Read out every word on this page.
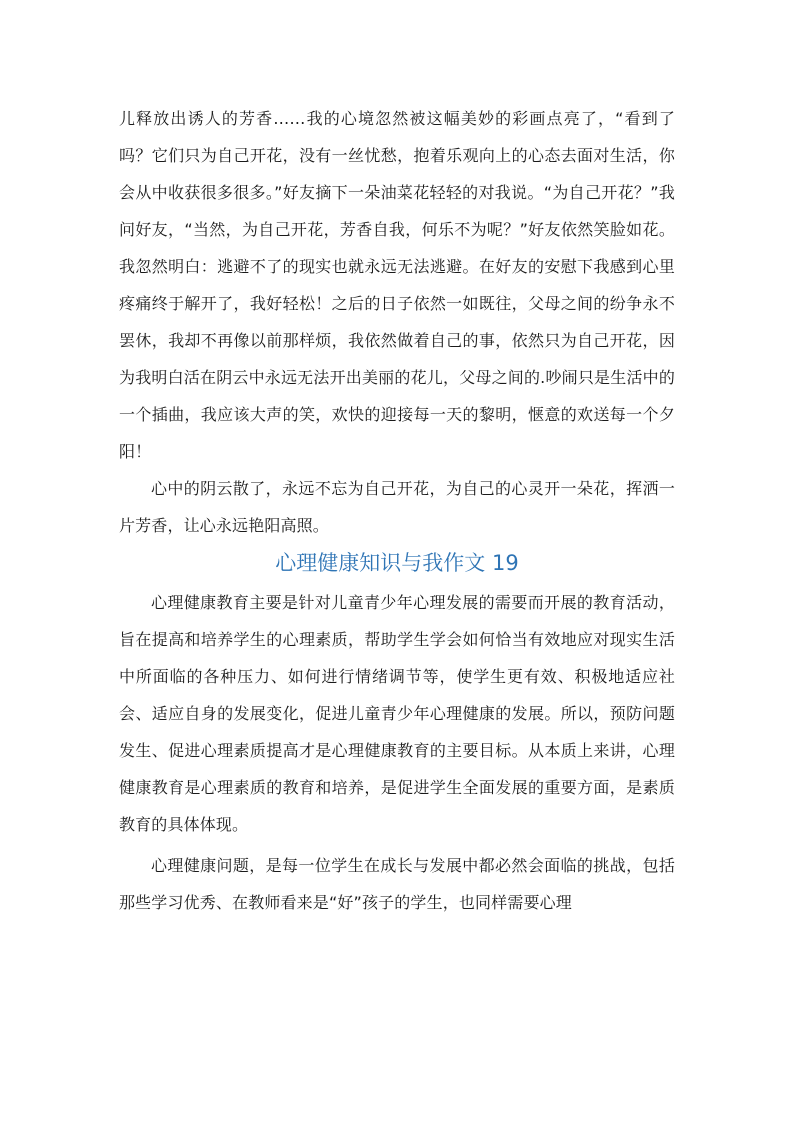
儿释放出诱人的芳香……我的心境忽然被这幅美妙的彩画点亮了，“看到了吗？它们只为自己开花，没有一丝忧愁，抱着乐观向上的心态去面对生活，你会从中收获很多很多。”好友摘下一朵油菜花轻轻的对我说。“为自己开花？”我问好友，“当然，为自己开花，芳香自我，何乐不为呢？”好友依然笑脸如花。我忽然明白：逃避不了的现实也就永远无法逃避。在好友的安慰下我感到心里疼痛终于解开了，我好轻松！之后的日子依然一如既往，父母之间的纷争永不罢休，我却不再像以前那样烦，我依然做着自己的事，依然只为自己开花，因为我明白活在阴云中永远无法开出美丽的花儿，父母之间的.吵闹只是生活中的一个插曲，我应该大声的笑，欢快的迎接每一天的黎明，惬意的欢送每一个夕阳！

心中的阴云散了，永远不忘为自己开花，为自己的心灵开一朵花，挥洒一片芳香，让心永远艳阳高照。

心理健康知识与我作文 19

心理健康教育主要是针对儿童青少年心理发展的需要而开展的教育活动，旨在提高和培养学生的心理素质，帮助学生学会如何恰当有效地应对现实生活中所面临的各种压力、如何进行情绪调节等，使学生更有效、积极地适应社会、适应自身的发展变化，促进儿童青少年心理健康的发展。所以，预防问题发生、促进心理素质提高才是心理健康教育的主要目标。从本质上来讲，心理健康教育是心理素质的教育和培养，是促进学生全面发展的重要方面，是素质教育的具体体现。

心理健康问题，是每一位学生在成长与发展中都必然会面临的挑战，包括那些学习优秀、在教师看来是“好”孩子的学生，也同样需要心理
